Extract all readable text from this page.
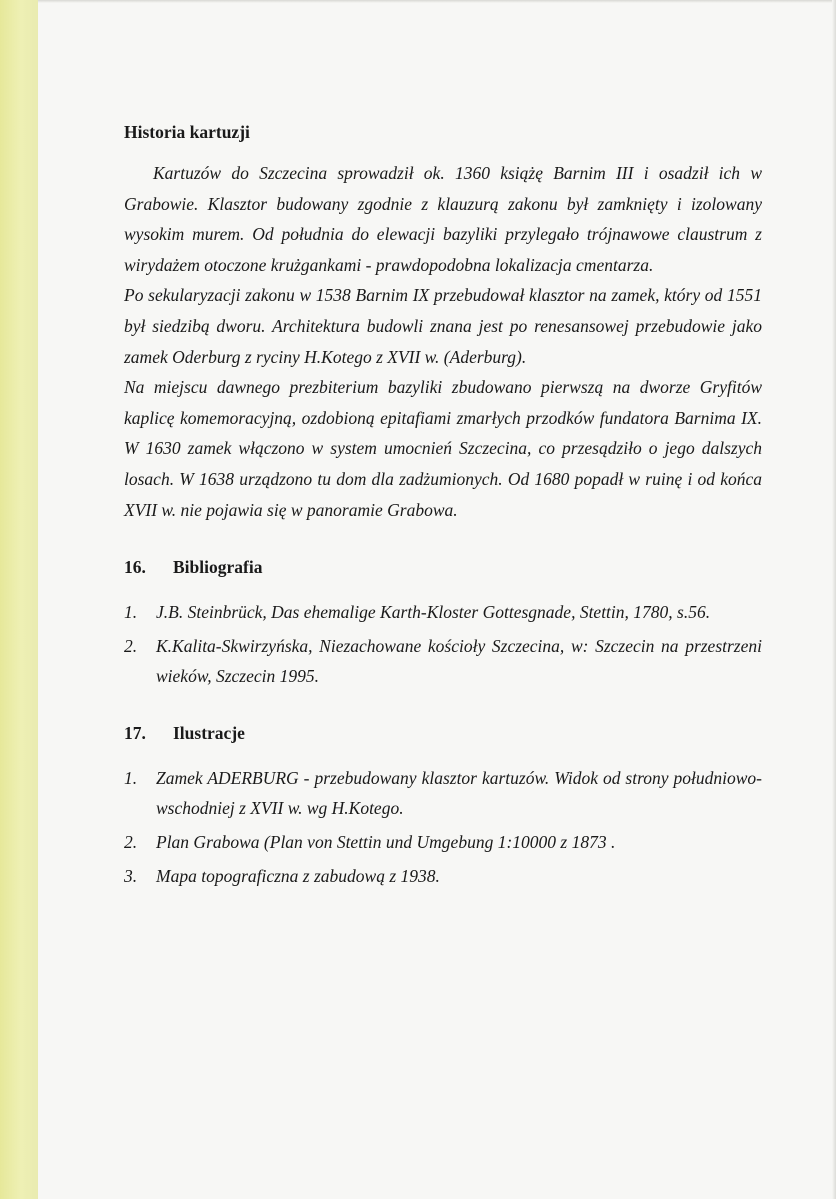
Historia kartuzji

Kartuzów do Szczecina sprowadził ok. 1360 książę Barnim III i osadził ich w Grabowie. Klasztor budowany zgodnie z klauzurą zakonu był zamknięty i izolowany wysokim murem. Od południa do elewacji bazyliki przylegało trójnawowe claustrum z wirydażem otoczone krużgankami - prawdopodobna lokalizacja cmentarza.

Po sekularyzacji zakonu w 1538 Barnim IX przebudował klasztor na zamek, który od 1551 był siedzibą dworu. Architektura budowli znana jest po renesansowej przebudowie jako zamek Oderburg z ryciny H.Kotego z XVII w. (Aderburg).

Na miejscu dawnego prezbiterium bazyliki zbudowano pierwszą na dworze Gryfitów kaplicę komemoracyjną, ozdobioną epitafiami zmarłych przodków fundatora Barnima IX. W 1630 zamek włączono w system umocnień Szczecina, co przesądziło o jego dalszych losach. W 1638 urządzono tu dom dla zadżumionych. Od 1680 popadł w ruinę i od końca XVII w. nie pojawia się w panoramie Grabowa.

16.	Bibliografia
1.	J.B. Steinbrück, Das ehemalige Karth-Kloster Gottesgnade, Stettin, 1780, s.56.
2.	K.Kalita-Skwirzyńska, Niezachowane kościoły Szczecina, w: Szczecin na przestrzeni wieków, Szczecin 1995.
17.	Ilustracje
1.	Zamek ADERBURG - przebudowany klasztor kartuzów. Widok od strony południowo-wschodniej z XVII w. wg H.Kotego.
2.	Plan Grabowa (Plan von Stettin und Umgebung 1:10000 z 1873 .
3.	Mapa topograficzna z zabudową z 1938.
